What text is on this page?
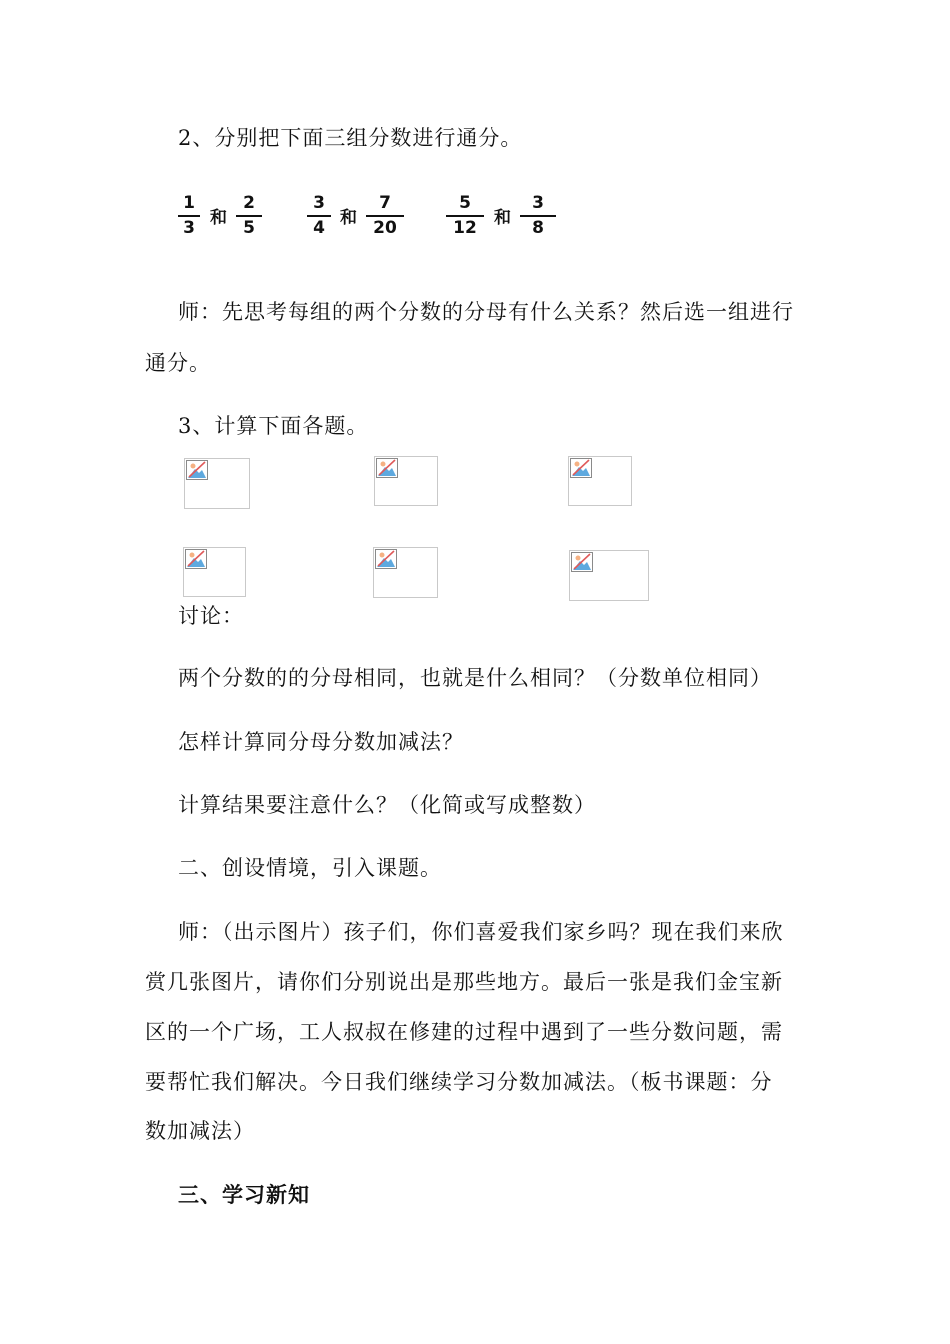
2、分别把下面三组分数进行通分。
1
3 和
2
5
3
4 和
7
20
5
12	和
3
8
师：先思考每组的两个分数的分母有什么关系？然后选一组进行
通分。
3、计算下面各题。
讨论：
两个分数的的分母相同，也就是什么相同？（分数单位相同）
怎样计算同分母分数加减法？
计算结果要注意什么？（化简或写成整数）
二、创设情境，引入课题。
师：（出示图片）孩子们，你们喜爱我们家乡吗？现在我们来欣
赏几张图片，请你们分别说出是那些地方。最后一张是我们金宝新
区的一个广场，工人叔叔在修建的过程中遇到了一些分数问题，需
要帮忙我们解决。今日我们继续学习分数加减法。（板书课题：分
数加减法）
三、学习新知
